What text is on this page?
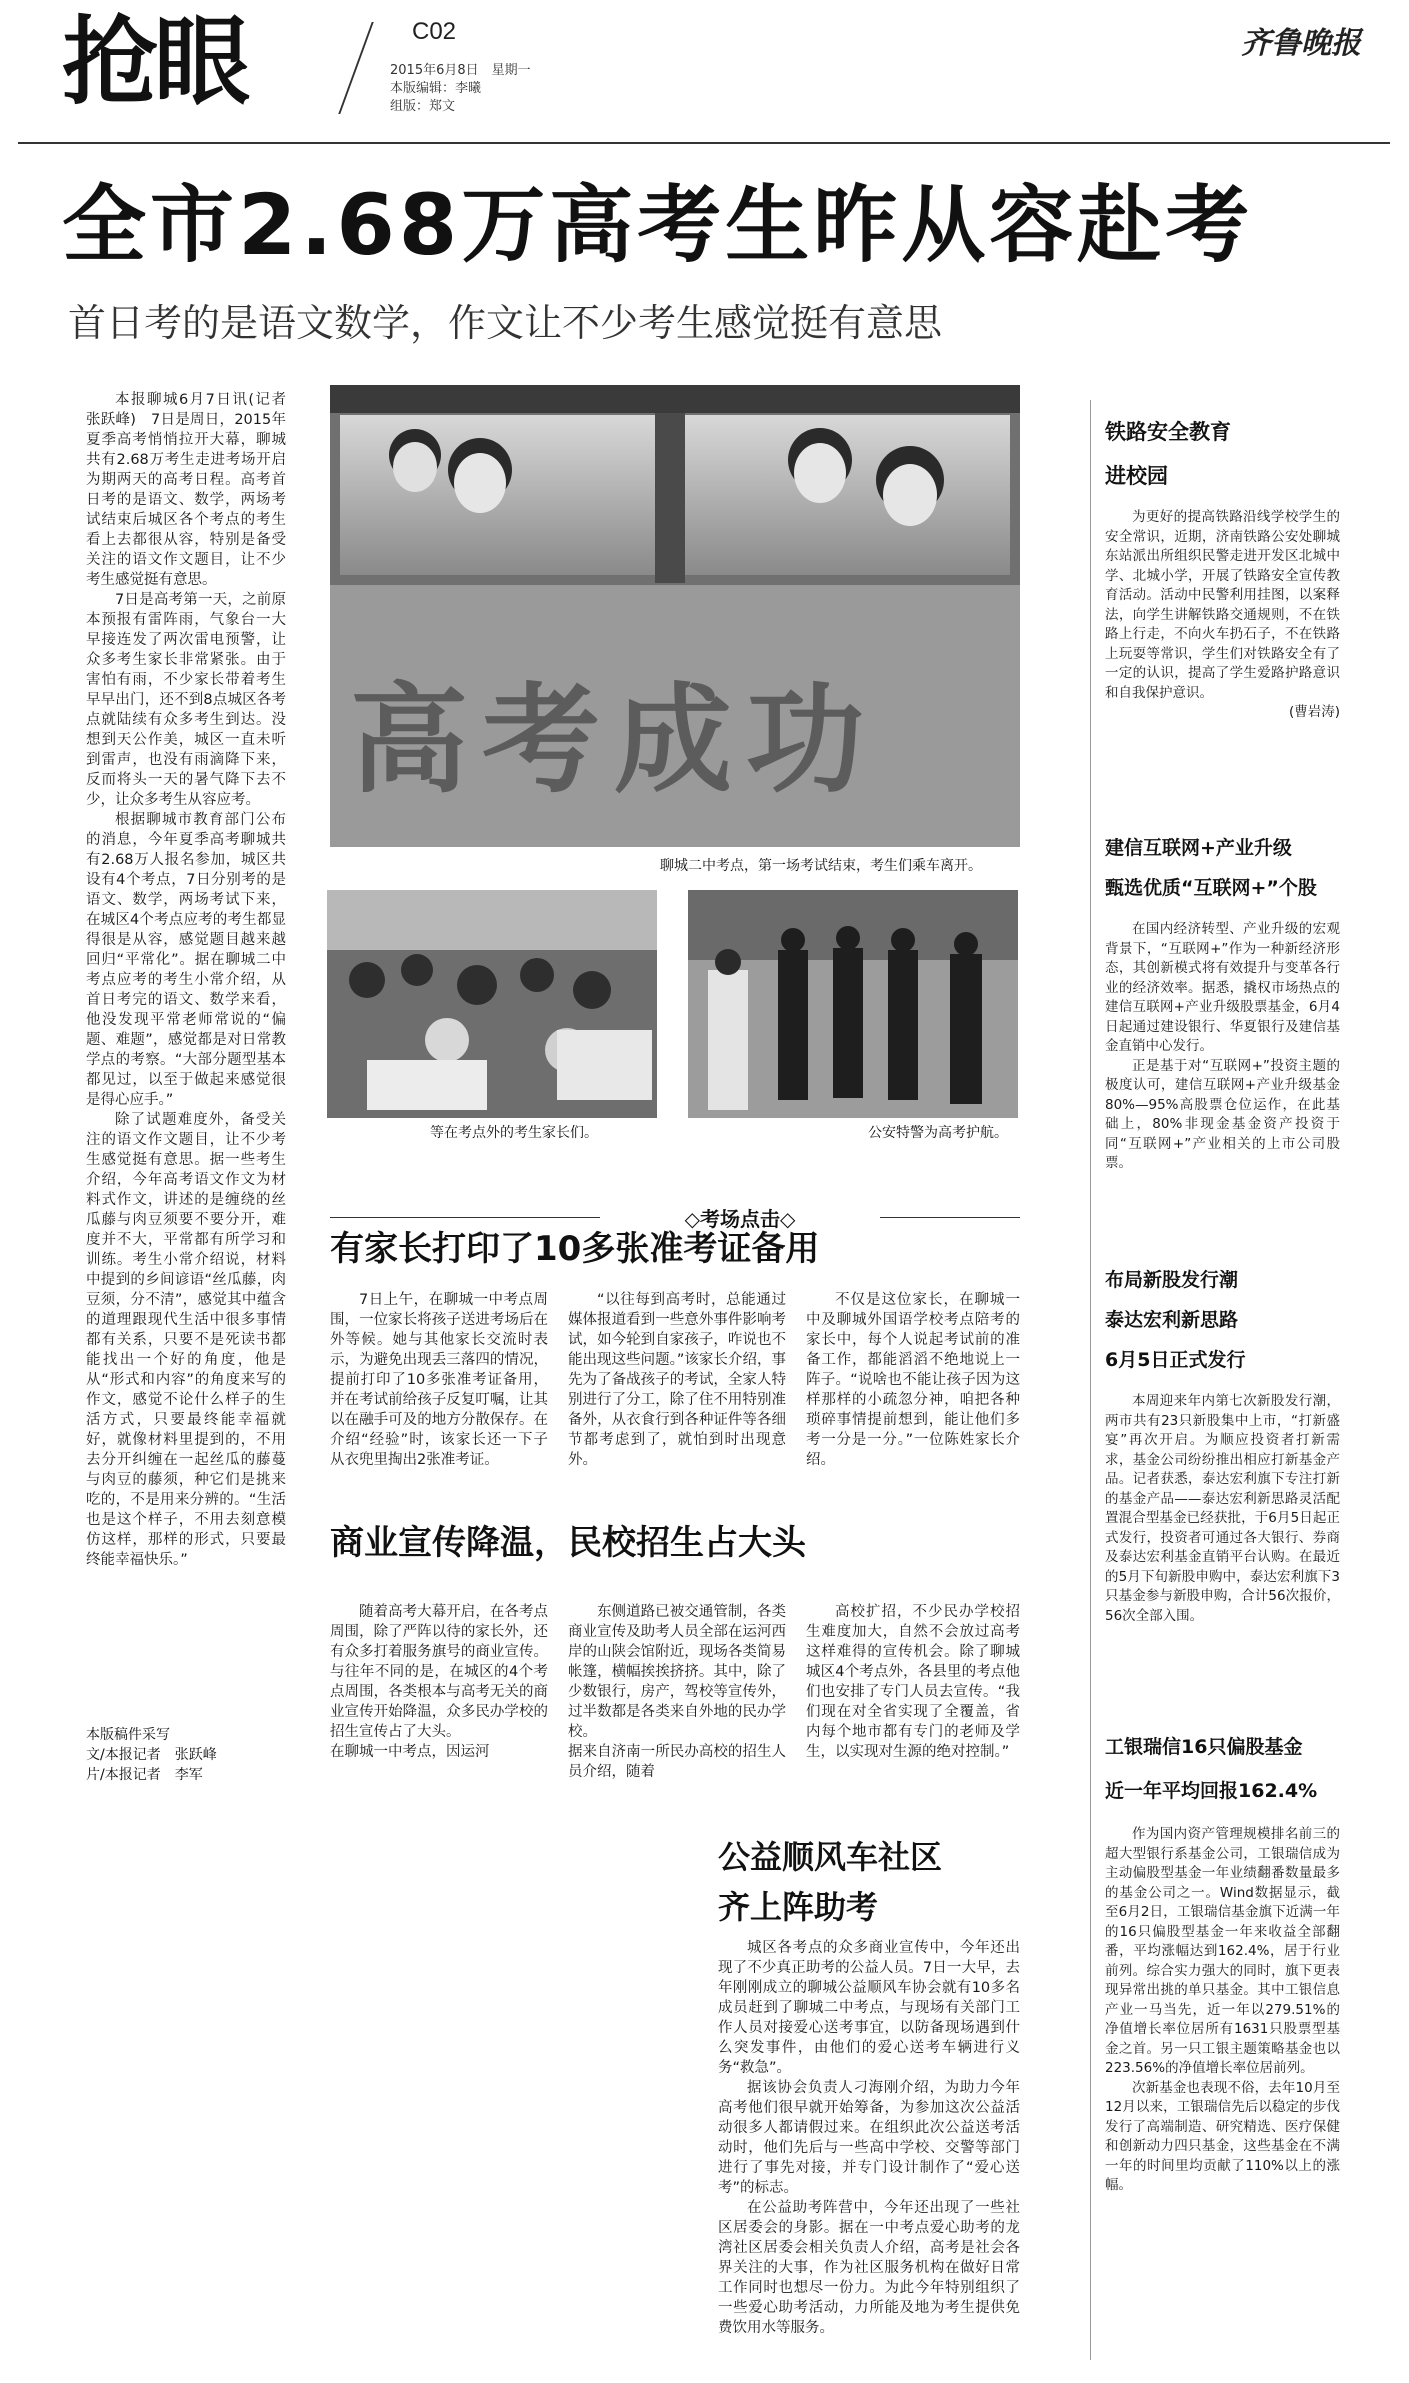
抢眼	C02
2015年6月8日　星期一
本版编辑：李曦
组版：郑文
齐鲁晚报
全市2.68万高考生昨从容赴考
首日考的是语文数学，作文让不少考生感觉挺有意思

本报聊城6月7日讯(记者　张跃峰)　7日是周日，2015年夏季高考悄悄拉开大幕，聊城共有2.68万考生走进考场开启为期两天的高考日程。高考首日考的是语文、数学，两场考试结束后城区各个考点的考生看上去都很从容，特别是备受关注的语文作文题目，让不少考生感觉挺有意思。

7日是高考第一天，之前原本预报有雷阵雨，气象台一大早接连发了两次雷电预警，让众多考生家长非常紧张。由于害怕有雨，不少家长带着考生早早出门，还不到8点城区各考点就陆续有众多考生到达。没想到天公作美，城区一直未听到雷声，也没有雨滴降下来，反而将头一天的暑气降下去不少，让众多考生从容应考。

根据聊城市教育部门公布的消息，今年夏季高考聊城共有2.68万人报名参加，城区共设有4个考点，7日分别考的是语文、数学，两场考试下来，在城区4个考点应考的考生都显得很是从容，感觉题目越来越回归“平常化”。据在聊城二中考点应考的考生小常介绍，从首日考完的语文、数学来看，他没发现平常老师常说的“偏题、难题”，感觉都是对日常教学点的考察。“大部分题型基本都见过，以至于做起来感觉很是得心应手。”

除了试题难度外，备受关注的语文作文题目，让不少考生感觉挺有意思。据一些考生介绍，今年高考语文作文为材料式作文，讲述的是缠绕的丝瓜藤与肉豆须要不要分开，难度并不大，平常都有所学习和训练。考生小常介绍说，材料中提到的乡间谚语“丝瓜藤，肉豆须，分不清”，感觉其中蕴含的道理跟现代生活中很多事情都有关系，只要不是死读书都能找出一个好的角度，他是从“形式和内容”的角度来写的作文，感觉不论什么样子的生活方式，只要最终能幸福就好，就像材料里提到的，不用去分开纠缠在一起丝瓜的藤蔓与肉豆的藤须，种它们是挑来吃的，不是用来分辨的。“生活也是这个样子，不用去刻意模仿这样，那样的形式，只要最终能幸福快乐。”

本版稿件采写
文/本报记者　张跃峰
片/本报记者　李军
高考成功
聊城二中考点，第一场考试结束，考生们乘车离开。
等在考点外的考生家长们。	公安特警为高考护航。
◇考场点击◇
有家长打印了10多张准考证备用

7日上午，在聊城一中考点周围，一位家长将孩子送进考场后在外等候。她与其他家长交流时表示，为避免出现丢三落四的情况，提前打印了10多张准考证备用，并在考试前给孩子反复叮嘱，让其以在融手可及的地方分散保存。在介绍“经验”时，该家长还一下子从衣兜里掏出2张准考证。

“以往每到高考时，总能通过媒体报道看到一些意外事件影响考试，如今轮到自家孩子，咋说也不能出现这些问题。”该家长介绍，事先为了备战孩子的考试，全家人特别进行了分工，除了住不用特别准备外，从衣食行到各种证件等各细节都考虑到了，就怕到时出现意外。

不仅是这位家长，在聊城一中及聊城外国语学校考点陪考的家长中，每个人说起考试前的准备工作，都能滔滔不绝地说上一阵子。“说啥也不能让孩子因为这样那样的小疏忽分神，咱把各种琐碎事情提前想到，能让他们多考一分是一分。”一位陈姓家长介绍。

商业宣传降温，民校招生占大头

随着高考大幕开启，在各考点周围，除了严阵以待的家长外，还有众多打着服务旗号的商业宣传。与往年不同的是，在城区的4个考点周围，各类根本与高考无关的商业宣传开始降温，众多民办学校的招生宣传占了大头。
在聊城一中考点，因运河

东侧道路已被交通管制，各类商业宣传及助考人员全部在运河西岸的山陕会馆附近，现场各类简易帐篷，横幅挨挨挤挤。其中，除了少数银行，房产，驾校等宣传外，过半数都是各类来自外地的民办学校。
据来自济南一所民办高校的招生人员介绍，随着

高校扩招，不少民办学校招生难度加大，自然不会放过高考这样难得的宣传机会。除了聊城城区4个考点外，各县里的考点他们也安排了专门人员去宣传。“我们现在对全省实现了全覆盖，省内每个地市都有专门的老师及学生，以实现对生源的绝对控制。”

公益顺风车社区
齐上阵助考

城区各考点的众多商业宣传中，今年还出现了不少真正助考的公益人员。7日一大早，去年刚刚成立的聊城公益顺风车协会就有10多名成员赶到了聊城二中考点，与现场有关部门工作人员对接爱心送考事宜，以防备现场遇到什么突发事件，由他们的爱心送考车辆进行义务“救急”。

据该协会负责人刁海刚介绍，为助力今年高考他们很早就开始筹备，为参加这次公益活动很多人都请假过来。在组织此次公益送考活动时，他们先后与一些高中学校、交警等部门进行了事先对接，并专门设计制作了“爱心送考”的标志。

在公益助考阵营中，今年还出现了一些社区居委会的身影。据在一中考点爱心助考的龙湾社区居委会相关负责人介绍，高考是社会各界关注的大事，作为社区服务机构在做好日常工作同时也想尽一份力。为此今年特别组织了一些爱心助考活动，力所能及地为考生提供免费饮用水等服务。

铁路安全教育
进校园

为更好的提高铁路沿线学校学生的安全常识，近期，济南铁路公安处聊城东站派出所组织民警走进开发区北城中学、北城小学，开展了铁路安全宣传教育活动。活动中民警利用挂图，以案释法，向学生讲解铁路交通规则，不在铁路上行走，不向火车扔石子，不在铁路上玩耍等常识，学生们对铁路安全有了一定的认识，提高了学生爱路护路意识和自我保护意识。

(曹岩涛)
建信互联网+产业升级
甄选优质“互联网+”个股

在国内经济转型、产业升级的宏观背景下，“互联网+”作为一种新经济形态，其创新模式将有效提升与变革各行业的经济效率。据悉，撬权市场热点的建信互联网+产业升级股票基金，6月4日起通过建设银行、华夏银行及建信基金直销中心发行。

正是基于对“互联网+”投资主题的极度认可，建信互联网+产业升级基金80%—95%高股票仓位运作，在此基础上，80%非现金基金资产投资于同“互联网+”产业相关的上市公司股票。

布局新股发行潮
泰达宏利新思路
6月5日正式发行

本周迎来年内第七次新股发行潮，两市共有23只新股集中上市，“打新盛宴”再次开启。为顺应投资者打新需求，基金公司纷纷推出相应打新基金产品。记者获悉，泰达宏利旗下专注打新的基金产品——泰达宏利新思路灵活配置混合型基金已经获批，于6月5日起正式发行，投资者可通过各大银行、券商及泰达宏利基金直销平台认购。在最近的5月下旬新股申购中，泰达宏利旗下3只基金参与新股申购，合计56次报价，56次全部入围。

工银瑞信16只偏股基金
近一年平均回报162.4%

作为国内资产管理规模排名前三的超大型银行系基金公司，工银瑞信成为主动偏股型基金一年业绩翻番数量最多的基金公司之一。Wind数据显示，截至6月2日，工银瑞信基金旗下近满一年的16只偏股型基金一年来收益全部翻番，平均涨幅达到162.4%，居于行业前列。综合实力强大的同时，旗下更表现异常出挑的单只基金。其中工银信息产业一马当先，近一年以279.51%的净值增长率位居所有1631只股票型基金之首。另一只工银主题策略基金也以223.56%的净值增长率位居前列。

次新基金也表现不俗，去年10月至12月以来，工银瑞信先后以稳定的步伐发行了高端制造、研究精选、医疗保健和创新动力四只基金，这些基金在不满一年的时间里均贡献了110%以上的涨幅。
